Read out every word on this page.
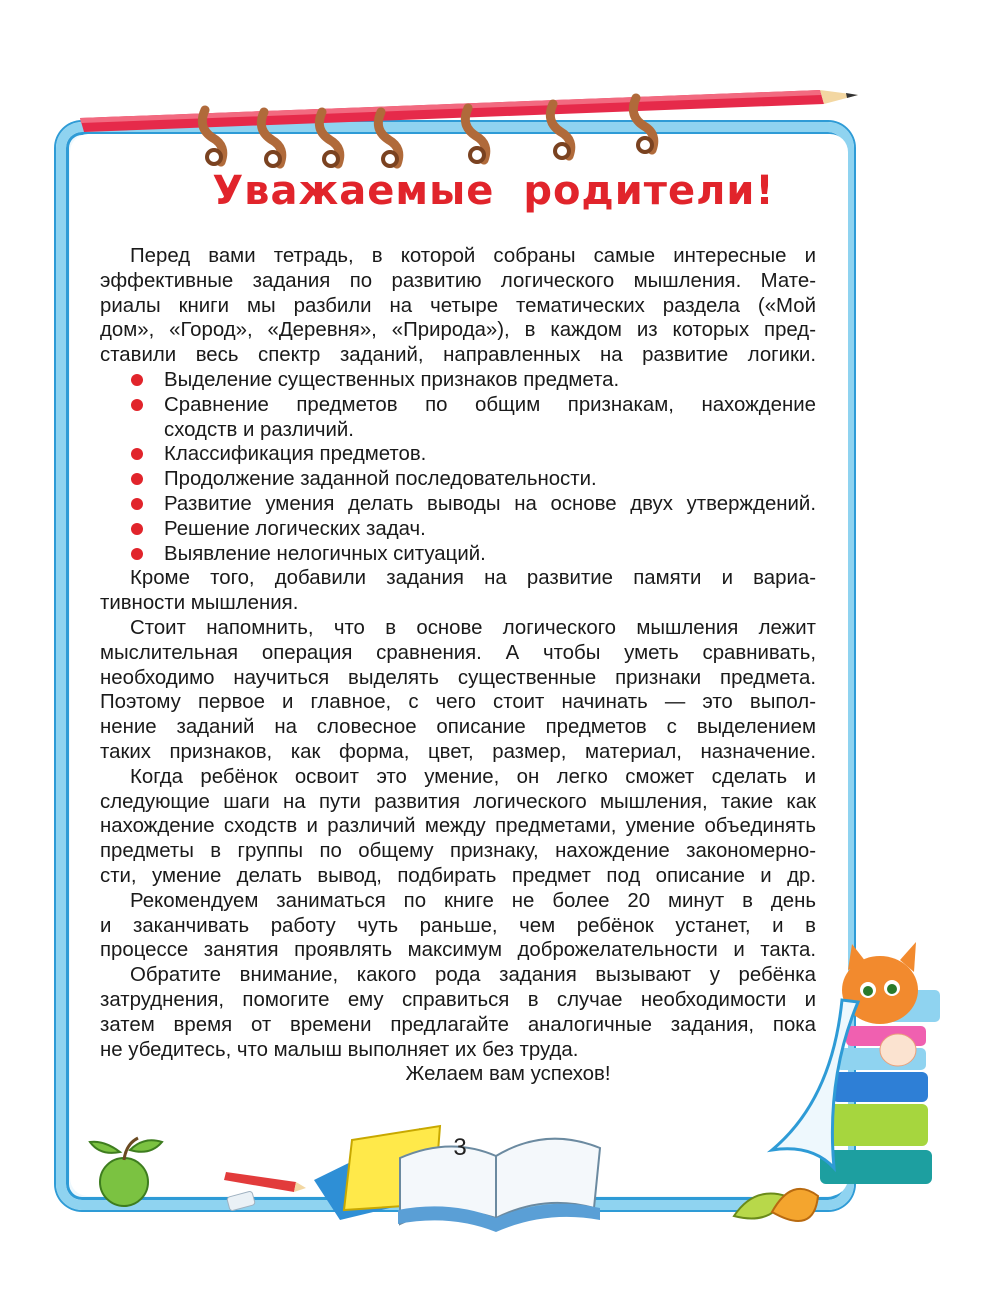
Уважаемые родители!
Перед вами тетрадь, в которой собраны самые интересные и
эффективные задания по развитию логического мышления. Мате-
риалы книги мы разбили на четыре тематических раздела («Мой
дом», «Город», «Деревня», «Природа»), в каждом из которых пред-
ставили весь спектр заданий, направленных на развитие логики.
Выделение существенных признаков предмета.
Сравнение предметов по общим признакам, нахождение
сходств и различий.
Классификация предметов.
Продолжение заданной последовательности.
Развитие умения делать выводы на основе двух утверждений.
Решение логических задач.
Выявление нелогичных ситуаций.
Кроме того, добавили задания на развитие памяти и вариа-
тивности мышления.
Стоит напомнить, что в основе логического мышления лежит
мыслительная операция сравнения. А чтобы уметь сравнивать,
необходимо научиться выделять существенные признаки предмета.
Поэтому первое и главное, с чего стоит начинать — это выпол-
нение заданий на словесное описание предметов с выделением
таких признаков, как форма, цвет, размер, материал, назначение.
Когда ребёнок освоит это умение, он легко сможет сделать и
следующие шаги на пути развития логического мышления, такие как
нахождение сходств и различий между предметами, умение объединять
предметы в группы по общему признаку, нахождение закономерно-
сти, умение делать вывод, подбирать предмет под описание и др.
Рекомендуем заниматься по книге не более 20 минут в день
и заканчивать работу чуть раньше, чем ребёнок устанет, и в
процессе занятия проявлять максимум доброжелательности и такта.
Обратите внимание, какого рода задания вызывают у ребёнка
затруднения, помогите ему справиться в случае необходимости и
затем время от времени предлагайте аналогичные задания, пока
не убедитесь, что малыш выполняет их без труда.
Желаем вам успехов!
3
